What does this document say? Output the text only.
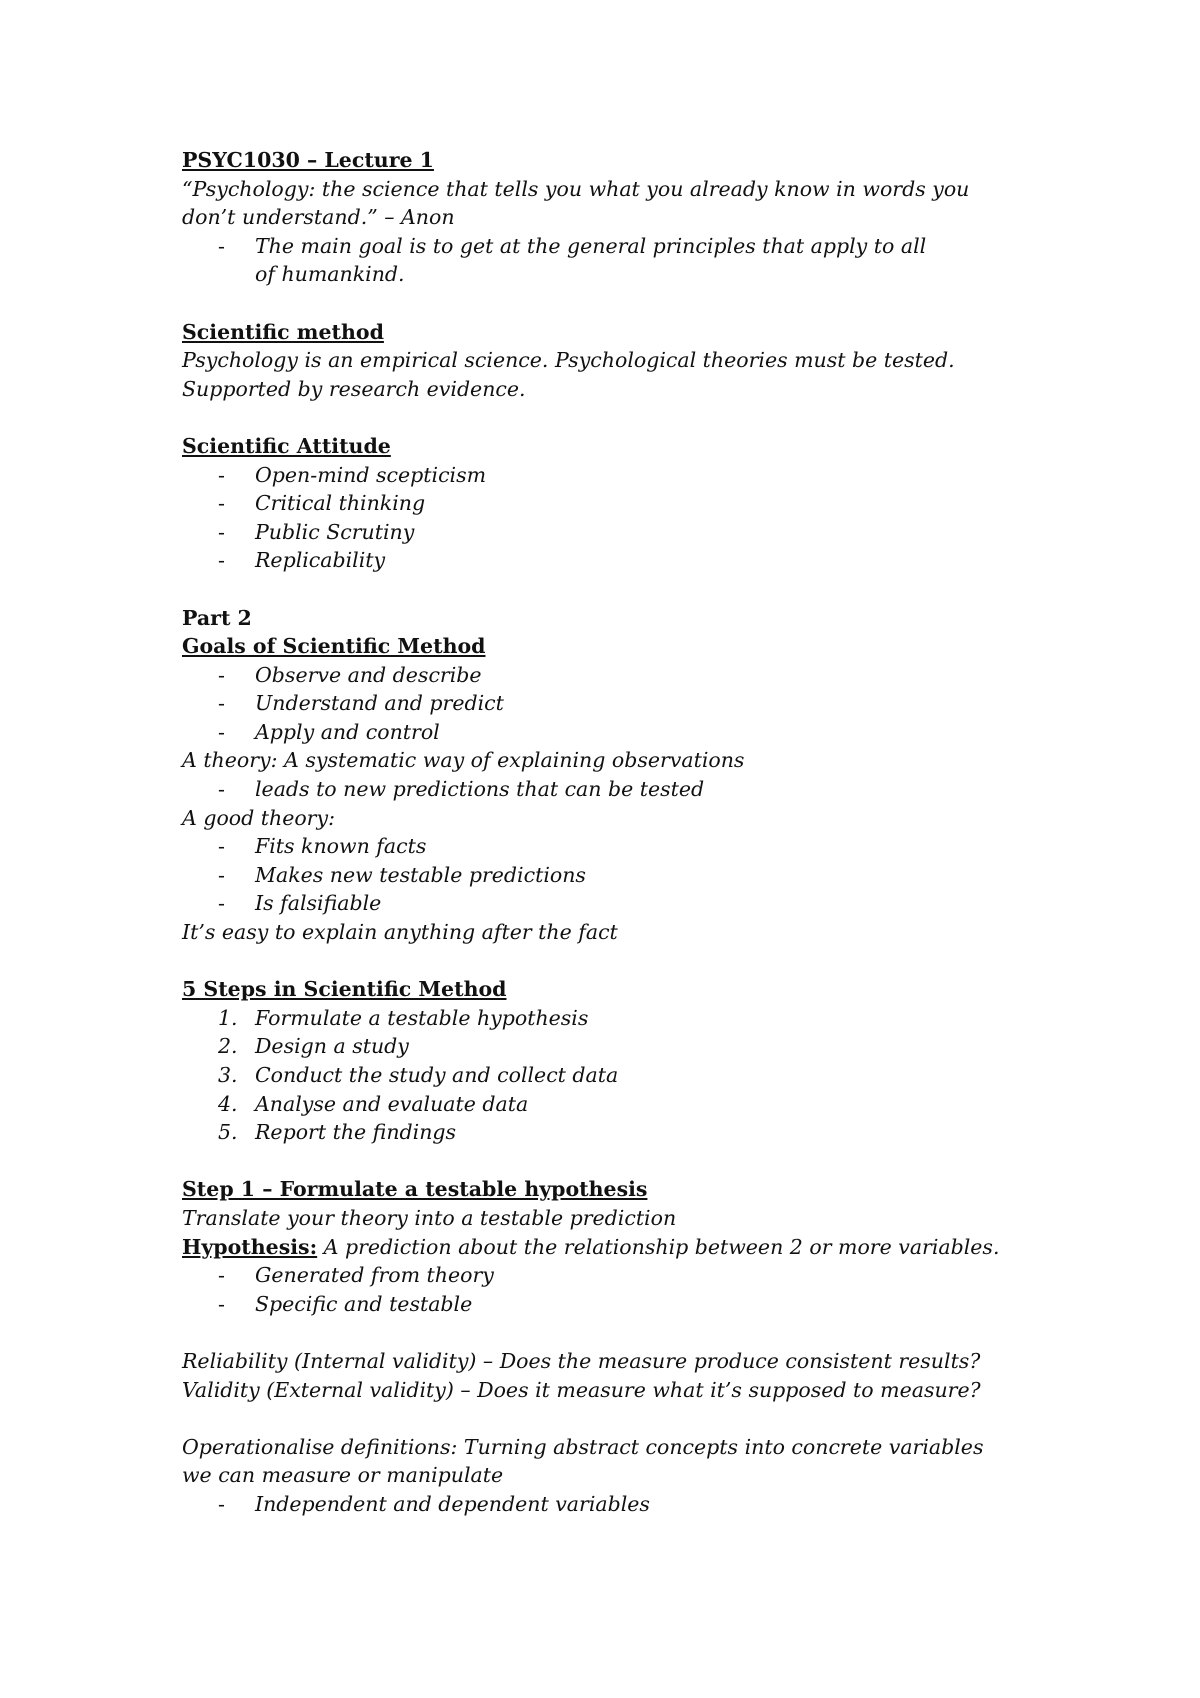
PSYC1030 – Lecture 1

“Psychology: the science that tells you what you already know in words you don’t understand.” – Anon

- The main goal is to get at the general principles that apply to all of humankind.

Scientific method

Psychology is an empirical science. Psychological theories must be tested.

Supported by research evidence.

Scientific Attitude

- Open-mind scepticism
- Critical thinking
- Public Scrutiny
- Replicability

Part 2

Goals of Scientific Method

- Observe and describe
- Understand and predict
- Apply and control

A theory: A systematic way of explaining observations

- leads to new predictions that can be tested

A good theory:

- Fits known facts
- Makes new testable predictions
- Is falsifiable

It’s easy to explain anything after the fact

5 Steps in Scientific Method

1. Formulate a testable hypothesis
2. Design a study
3. Conduct the study and collect data
4. Analyse and evaluate data
5. Report the findings

Step 1 – Formulate a testable hypothesis

Translate your theory into a testable prediction

Hypothesis: A prediction about the relationship between 2 or more variables.

- Generated from theory
- Specific and testable

Reliability (Internal validity) – Does the measure produce consistent results?

Validity (External validity) – Does it measure what it’s supposed to measure?

Operationalise definitions: Turning abstract concepts into concrete variables we can measure or manipulate

- Independent and dependent variables
